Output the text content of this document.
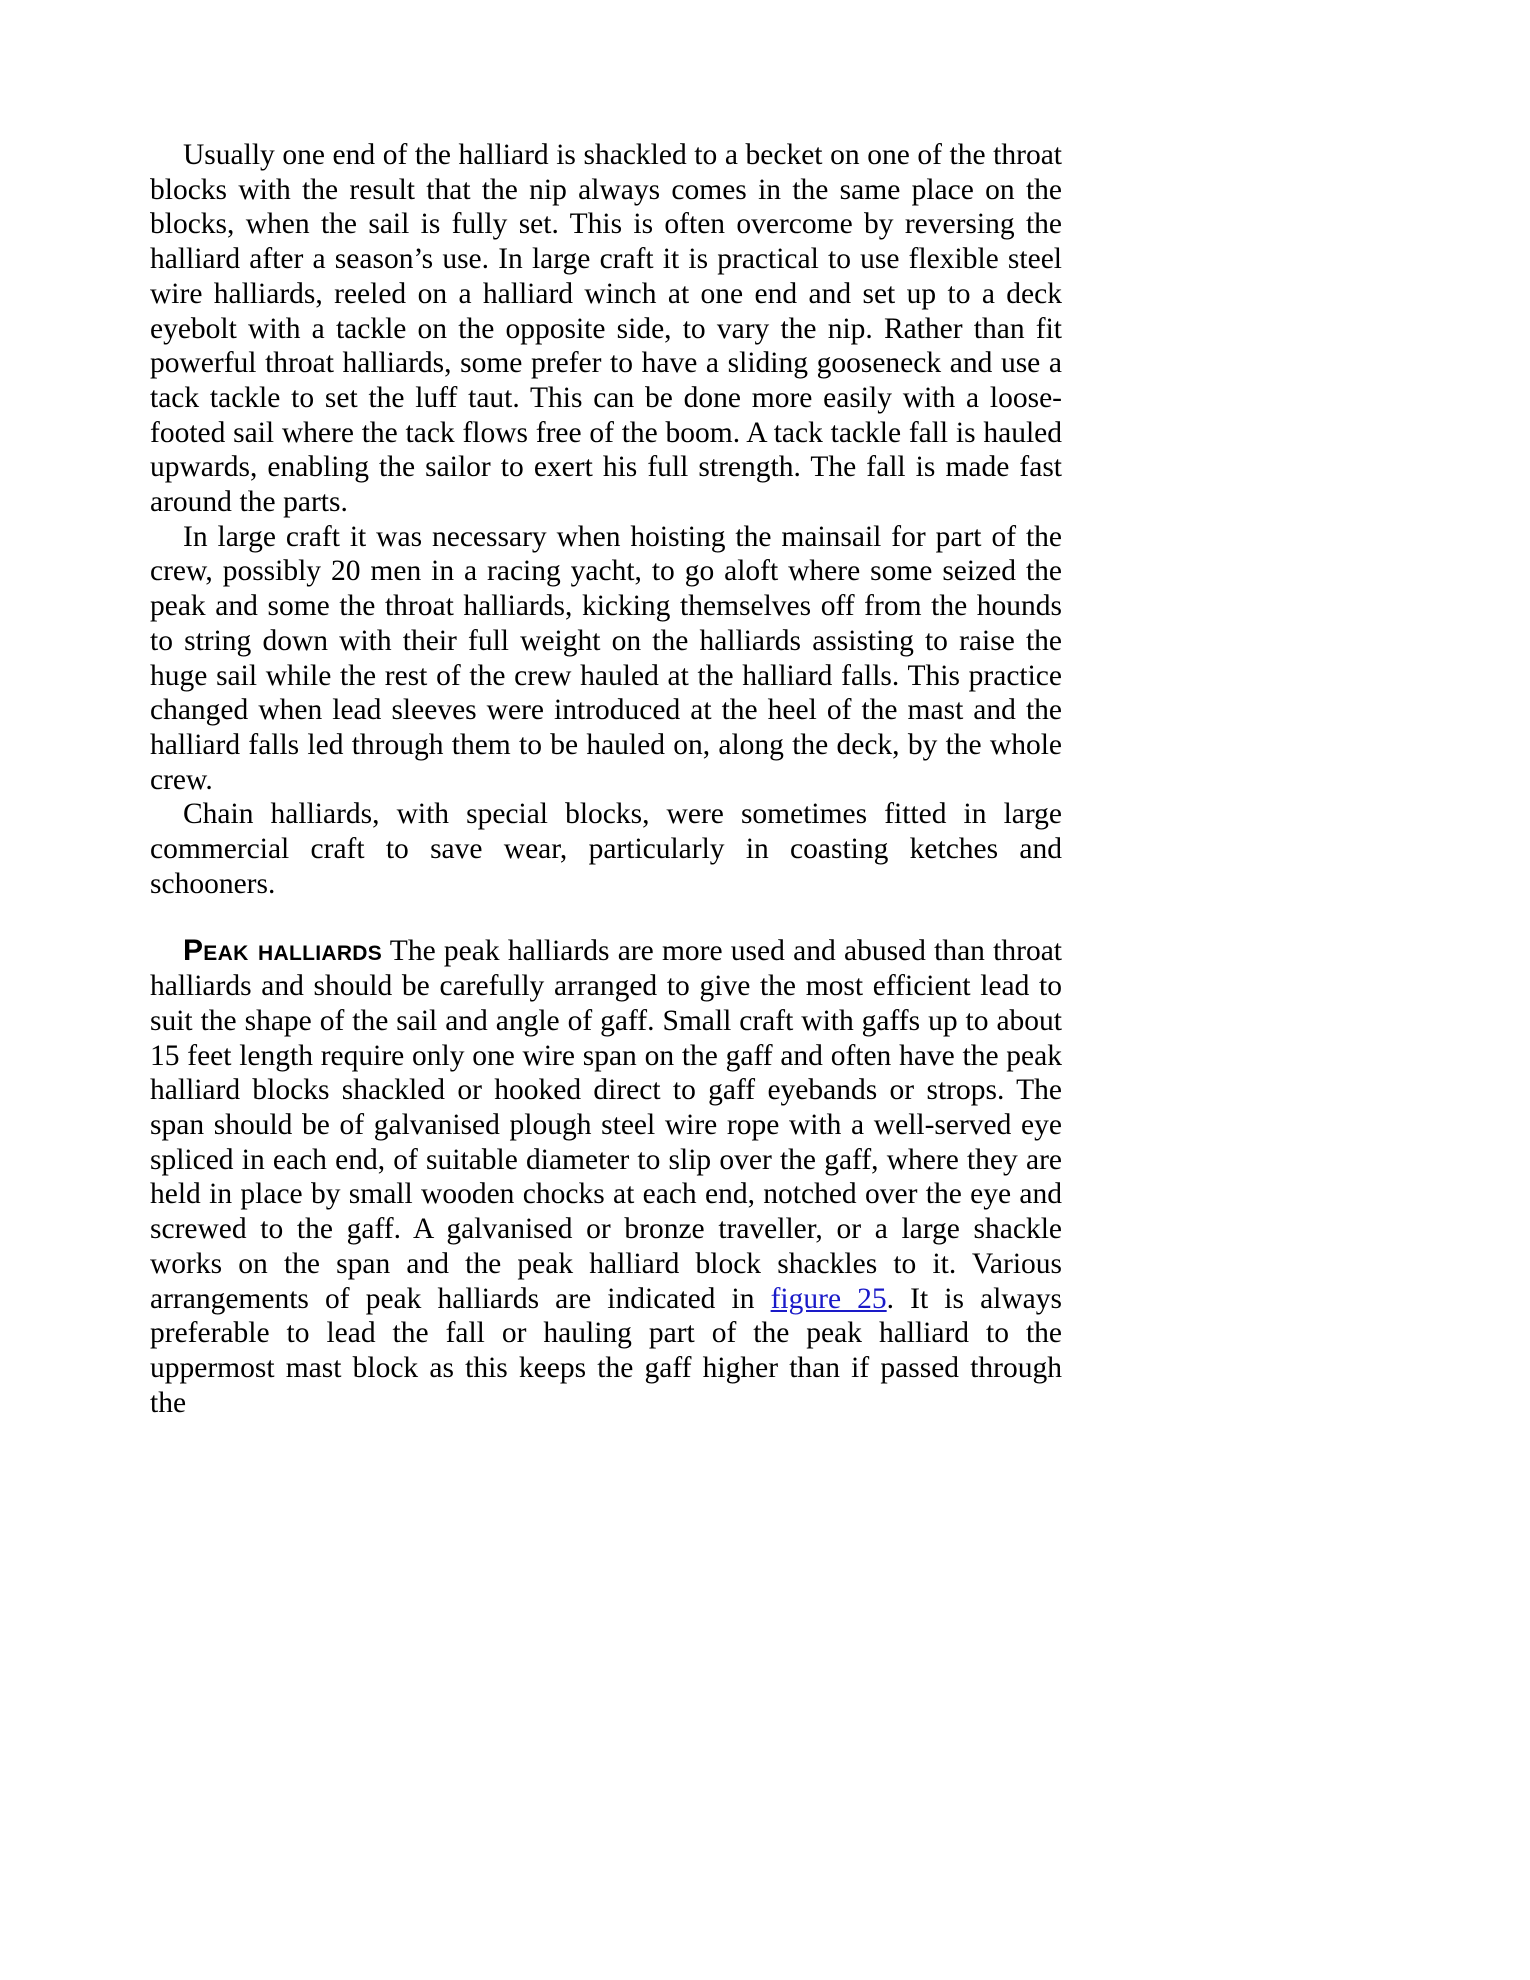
Usually one end of the halliard is shackled to a becket on one of the throat blocks with the result that the nip always comes in the same place on the blocks, when the sail is fully set. This is often overcome by reversing the halliard after a season’s use. In large craft it is practical to use flexible steel wire halliards, reeled on a halliard winch at one end and set up to a deck eyebolt with a tackle on the opposite side, to vary the nip. Rather than fit powerful throat halliards, some prefer to have a sliding gooseneck and use a tack tackle to set the luff taut. This can be done more easily with a loose-footed sail where the tack flows free of the boom. A tack tackle fall is hauled upwards, enabling the sailor to exert his full strength. The fall is made fast around the parts.

In large craft it was necessary when hoisting the mainsail for part of the crew, possibly 20 men in a racing yacht, to go aloft where some seized the peak and some the throat halliards, kicking themselves off from the hounds to string down with their full weight on the halliards assisting to raise the huge sail while the rest of the crew hauled at the halliard falls. This practice changed when lead sleeves were introduced at the heel of the mast and the halliard falls led through them to be hauled on, along the deck, by the whole crew.

Chain halliards, with special blocks, were sometimes fitted in large commercial craft to save wear, particularly in coasting ketches and schooners.

Peak halliards The peak halliards are more used and abused than throat halliards and should be carefully arranged to give the most efficient lead to suit the shape of the sail and angle of gaff. Small craft with gaffs up to about 15 feet length require only one wire span on the gaff and often have the peak halliard blocks shackled or hooked direct to gaff eyebands or strops. The span should be of galvanised plough steel wire rope with a well-served eye spliced in each end, of suitable diameter to slip over the gaff, where they are held in place by small wooden chocks at each end, notched over the eye and screwed to the gaff. A galvanised or bronze traveller, or a large shackle works on the span and the peak halliard block shackles to it. Various arrangements of peak halliards are indicated in figure 25. It is always preferable to lead the fall or hauling part of the peak halliard to the uppermost mast block as this keeps the gaff higher than if passed through the
